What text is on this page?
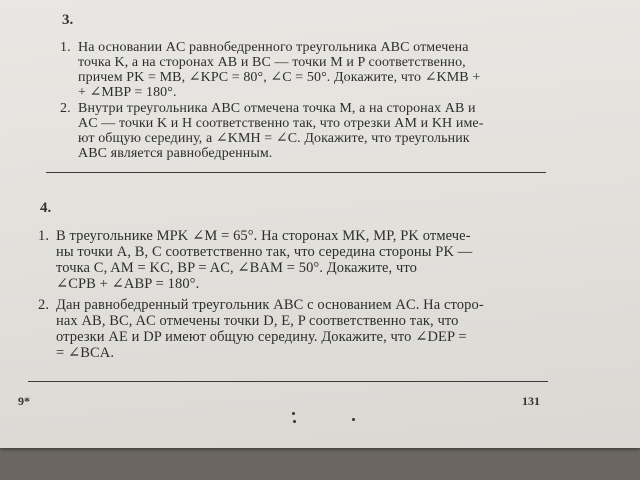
3.
1. На основании AC равнобедренного треугольника ABC отмечена
точка K, а на сторонах AB и BC — точки M и P соответственно,
причем PK = MB, ∠KPC = 80°, ∠C = 50°. Докажите, что ∠KMB +
+ ∠MBP = 180°.
2. Внутри треугольника ABC отмечена точка M, а на сторонах AB и
AC — точки K и H соответственно так, что отрезки AM и KH име-
ют общую середину, а ∠KMH = ∠C. Докажите, что треугольник
ABC является равнобедренным.
4.
1. В треугольнике MPK ∠M = 65°. На сторонах MK, MP, PK отмече-
ны точки A, B, C соответственно так, что середина стороны PK —
точка C, AM = KC, BP = AC, ∠BAM = 50°. Докажите, что
∠CPB + ∠ABP = 180°.
2. Дан равнобедренный треугольник ABC с основанием AC. На сторо-
нах AB, BC, AC отмечены точки D, E, P соответственно так, что
отрезки AE и DP имеют общую середину. Докажите, что ∠DEP =
= ∠BCA.
9*	131
